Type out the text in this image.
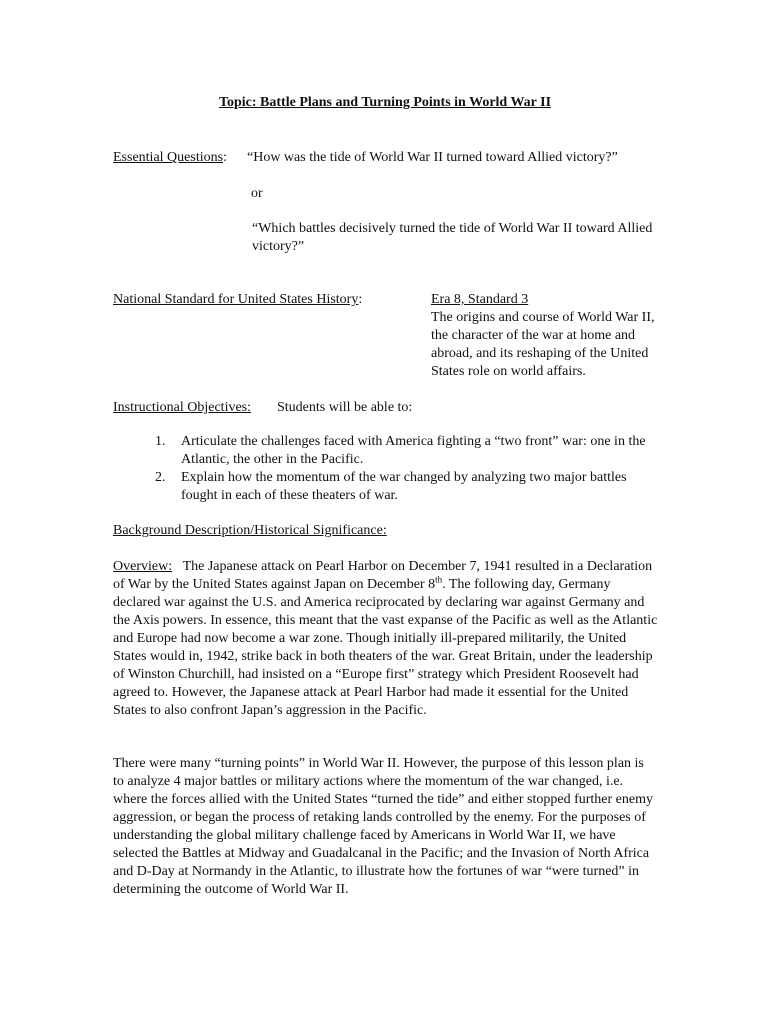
Topic: Battle Plans and Turning Points in World War II
Essential Questions: “How was the tide of World War II turned toward Allied victory?”
or
“Which battles decisively turned the tide of World War II toward Allied victory?”
National Standard for United States History:	Era 8, Standard 3
The origins and course of World War II, the character of the war at home and abroad, and its reshaping of the United States role on world affairs.
Instructional Objectives: Students will be able to:
1. Articulate the challenges faced with America fighting a “two front” war: one in the Atlantic, the other in the Pacific.
2. Explain how the momentum of the war changed by analyzing two major battles fought in each of these theaters of war.
Background Description/Historical Significance:
Overview: The Japanese attack on Pearl Harbor on December 7, 1941 resulted in a Declaration of War by the United States against Japan on December 8th. The following day, Germany declared war against the U.S. and America reciprocated by declaring war against Germany and the Axis powers. In essence, this meant that the vast expanse of the Pacific as well as the Atlantic and Europe had now become a war zone. Though initially ill-prepared militarily, the United States would in, 1942, strike back in both theaters of the war. Great Britain, under the leadership of Winston Churchill, had insisted on a “Europe first” strategy which President Roosevelt had agreed to. However, the Japanese attack at Pearl Harbor had made it essential for the United States to also confront Japan’s aggression in the Pacific.
There were many “turning points” in World War II. However, the purpose of this lesson plan is to analyze 4 major battles or military actions where the momentum of the war changed, i.e. where the forces allied with the United States “turned the tide” and either stopped further enemy aggression, or began the process of retaking lands controlled by the enemy. For the purposes of understanding the global military challenge faced by Americans in World War II, we have selected the Battles at Midway and Guadalcanal in the Pacific; and the Invasion of North Africa and D-Day at Normandy in the Atlantic, to illustrate how the fortunes of war “were turned” in determining the outcome of World War II.
